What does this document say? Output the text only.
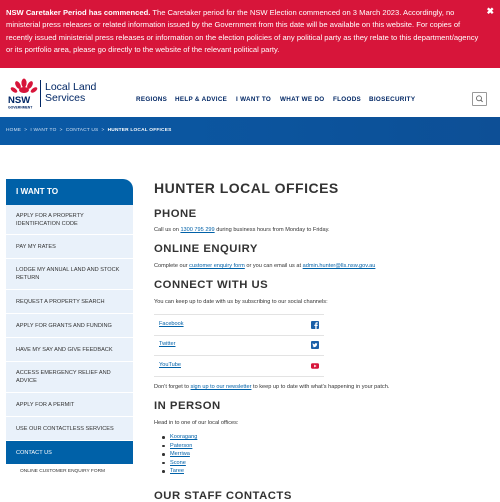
NSW Caretaker Period has commenced. The Caretaker period for the NSW Election commenced on 3 March 2023. Accordingly, no ministerial press releases or related information issued by the Government from this date will be available on this website. For copies of recently issued ministerial press releases or information on the election policies of any political party as they relate to this department/agency or its portfolio area, please go directly to the website of the relevant political party.
✖
NSW
GOVERNMENT
Local Land
Services	REGIONS HELP & ADVICE I WANT TO WHAT WE DO FLOODS BIOSECURITY
HOME > I WANT TO > CONTACT US > HUNTER LOCAL OFFICES
I WANT TO
APPLY FOR A PROPERTY IDENTIFICATION CODE
PAY MY RATES
LODGE MY ANNUAL LAND AND STOCK RETURN
REQUEST A PROPERTY SEARCH
APPLY FOR GRANTS AND FUNDING
HAVE MY SAY AND GIVE FEEDBACK
ACCESS EMERGENCY RELIEF AND ADVICE
APPLY FOR A PERMIT
USE OUR CONTACTLESS SERVICES
CONTACT US
ONLINE CUSTOMER ENQUIRY FORM
HUNTER LOCAL OFFICES
PHONE
Call us on 1300 795 299 during business hours from Monday to Friday.
ONLINE ENQUIRY
Complete our customer enquiry form or you can email us at admin.hunter@lls.nsw.gov.au
CONNECT WITH US
You can keep up to date with us by subscribing to our social channels:
Facebook
Twitter
YouTube
Don't forget to sign up to our newsletter to keep up to date with what's happening in your patch.
IN PERSON
Head in to one of our local offices:
Kooragang
Paterson
Merriwa
Scone
Taree
OUR STAFF CONTACTS
